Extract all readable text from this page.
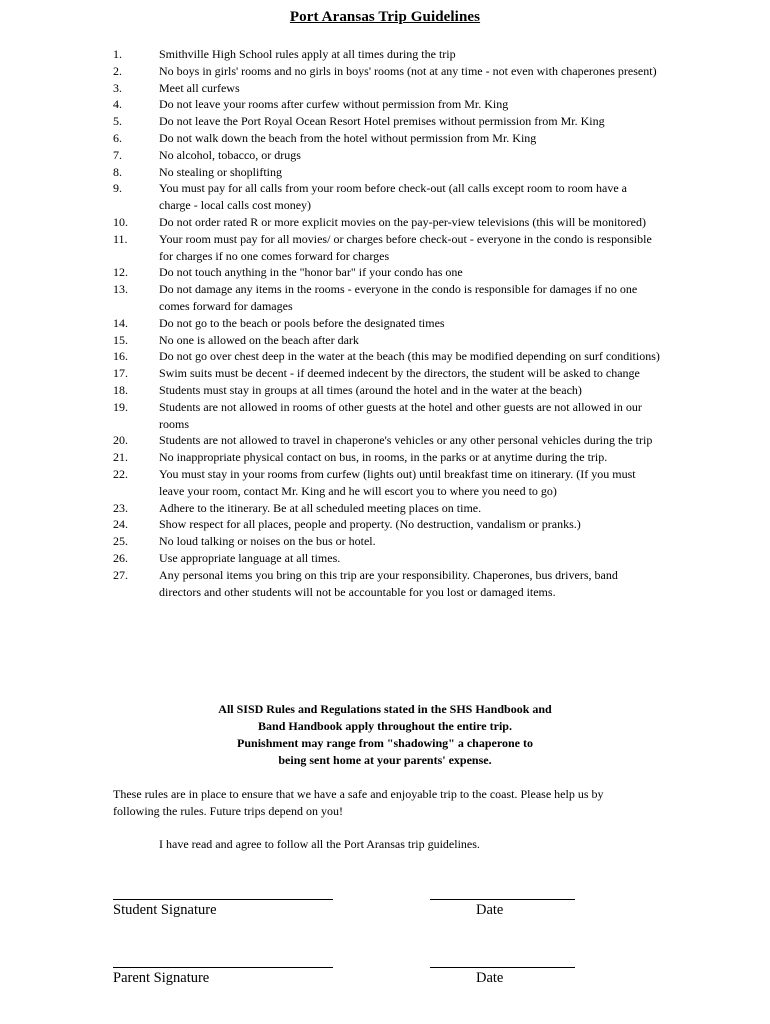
Port Aransas Trip Guidelines
1.	Smithville High School rules apply at all times during the trip
2.	No boys in girls' rooms and no girls in boys' rooms (not at any time - not even with chaperones present)
3.	Meet all curfews
4.	Do not leave your rooms after curfew without permission from Mr. King
5.	Do not leave the Port Royal Ocean Resort Hotel premises without permission from Mr. King
6.	Do not walk down the beach from the hotel without permission from Mr. King
7.	No alcohol, tobacco, or drugs
8.	No stealing or shoplifting
9.	You must pay for all calls from your room before check-out (all calls except room to room have a charge - local calls cost money)
10.	Do not order rated R or more explicit movies on the pay-per-view televisions (this will be monitored)
11.	Your room must pay for all movies/ or charges before check-out - everyone in the condo is responsible for charges if no one comes forward for charges
12.	Do not touch anything in the "honor bar" if your condo has one
13.	Do not damage any items in the rooms - everyone in the condo is responsible for damages if no one comes forward for damages
14.	Do not go to the beach or pools before the designated times
15.	No one is allowed on the beach after dark
16.	Do not go over chest deep in the water at the beach (this may be modified depending on surf conditions)
17.	Swim suits must be decent - if deemed indecent by the directors, the student will be asked to change
18.	Students must stay in groups at all times (around the hotel and in the water at the beach)
19.	Students are not allowed in rooms of other guests at the hotel and other guests are not allowed in our rooms
20.	Students are not allowed to travel in chaperone's vehicles or any other personal vehicles during the trip
21.	No inappropriate physical contact on bus, in rooms, in the parks or at anytime during the trip.
22.	You must stay in your rooms from curfew (lights out) until breakfast time on itinerary. (If you must leave your room, contact Mr. King and he will escort you to where you need to go)
23.	Adhere to the itinerary. Be at all scheduled meeting places on time.
24.	Show respect for all places, people and property. (No destruction, vandalism or pranks.)
25.	No loud talking or noises on the bus or hotel.
26.	Use appropriate language at all times.
27.	Any personal items you bring on this trip are your responsibility. Chaperones, bus drivers, band directors and other students will not be accountable for you lost or damaged items.
All SISD Rules and Regulations stated in the SHS Handbook and
Band Handbook apply throughout the entire trip.
Punishment may range from "shadowing" a chaperone to
being sent home at your parents' expense.
These rules are in place to ensure that we have a safe and enjoyable trip to the coast. Please help us by following the rules. Future trips depend on you!
I have read and agree to follow all the Port Aransas trip guidelines.
Student Signature	Date
Parent Signature	Date
